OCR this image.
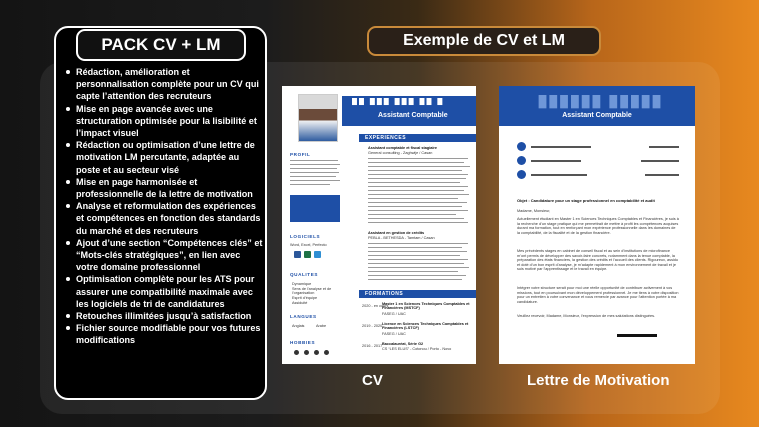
PACK CV + LM
Rédaction, amélioration et personnalisation complète pour un CV qui capte l’attention des recruteurs
Mise en page avancée avec une structuration optimisée pour la lisibilité et l’impact visuel
Rédaction ou optimisation d’une lettre de motivation LM percutante, adaptée au poste et au secteur visé
Mise en page harmonisée et professionnelle de la lettre de motivation
Analyse et reformulation des expériences et compétences en fonction des standards du marché et des recruteurs
Ajout d’une section “Compétences clés” et “Mots-clés stratégiques”, en lien avec votre domaine professionnel
Optimisation complète pour les ATS pour assurer une compatibilité maximale avec les logiciels de tri de candidatures
Retouches illimitées jusqu’à satisfaction
Fichier source modifiable pour vos futures modifications
Exemple de CV et LM
██ ███ ███ ██ █
Assistant Comptable
PROFIL
LOGICIELS
Word, Excel, Perfecto
QUALITES
Dynamique
Sens de l’analyse et de l’organisation
Esprit d’équipe
Assiduité
LANGUES
Anglais	Arabe
HOBBIES
EXPERIENCES
Assistant comptable et fiscal stagiaire
General consulting - Zaghwije / Casan
Assistant en gestion de crédits
PEBLA - BETHESDA - Tamtam / Casan
FORMATIONS
2020 - en cours
Master 1 en Sciences Techniques Comptables et Financières (MSTCF)
FASEG / UAC
2019 - 2020 Licence en Sciences Techniques Comptables et Financières (LSTCF)
FASEG / UAC
2016 - 2017 Baccalauréat, Série G2
CS “LES ELUS” - Cotonou / Porto - Novo
██████ █████
Assistant Comptable
Objet : Candidature pour un stage professionnel en comptabilité et audit
Madame, Monsieur,
Actuellement étudiant en Master 1 en Sciences Techniques Comptables et Financières, je suis à la recherche d’un stage pratique qui me permettrait de mettre à profit les compétences acquises durant ma formation, tout en renforçant mon expérience professionnelle dans les domaines de la comptabilité, de la fiscalité et de la gestion financière.
Mes précédents stages en cabinet de conseil fiscal et au sein d’institutions de microfinance m’ont permis de développer des savoir-faire concrets, notamment dans la tenue comptable, la préparation des états financiers, la gestion des crédits et l’accueil des clients. Rigoureux, assidu et doté d’un bon esprit d’analyse, je m’adapte rapidement à mon environnement de travail et je suis motivé par l’apprentissage et le travail en équipe.
Intégrer votre structure serait pour moi une réelle opportunité de contribuer activement à vos missions, tout en poursuivant mon développement professionnel. Je me tiens à votre disposition pour un entretien à votre convenance et vous remercie par avance pour l’attention portée à ma candidature.
Veuillez recevoir, Madame, Monsieur, l’expression de mes salutations distinguées.
CV	Lettre de Motivation
